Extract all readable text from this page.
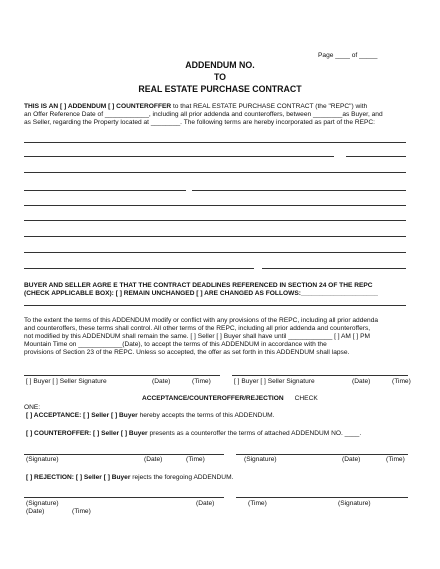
Page ____ of _____
ADDENDUM NO.
TO
REAL ESTATE PURCHASE CONTRACT
THIS IS AN [ ] ADDENDUM [ ] COUNTEROFFER to that REAL ESTATE PURCHASE CONTRACT (the "REPC") with
an Offer Reference Date of ____________, including all prior addenda and counteroffers, between ________as Buyer, and
as Seller, regarding the Property located at ________. The following terms are hereby incorporated as part of the REPC:
BUYER AND SELLER AGRE E THAT THE CONTRACT DEADLINES REFERENCED IN SECTION 24 OF THE REPC
(CHECK APPLICABLE BOX): [ ] REMAIN UNCHANGED [ ] ARE CHANGED AS FOLLOWS:_____________________
To the extent the terms of this ADDENDUM modify or conflict with any provisions of the REPC, including all prior addenda
and counteroffers, these terms shall control. All other terms of the REPC, including all prior addenda and counteroffers,
not modified by this ADDENDUM shall remain the same. [ ] Seller [ ] Buyer shall have until ____________ [ ] AM [ ] PM
Mountain Time on ____________(Date), to accept the terms of this ADDENDUM in accordance with the
provisions of Section 23 of the REPC. Unless so accepted, the offer as set forth in this ADDENDUM shall lapse.
[ ] Buyer [ ] Seller Signature	(Date)	(Time)	[ ] Buyer [ ] Seller Signature	(Date)	(Time)
ACCEPTANCE/COUNTEROFFER/REJECTION CHECK
ONE:
[ ] ACCEPTANCE: [ ] Seller [ ] Buyer hereby accepts the terms of this ADDENDUM.
[ ] COUNTEROFFER: [ ] Seller [ ] Buyer presents as a counteroffer the terms of attached ADDENDUM NO. ____.
(Signature)	(Date)	(Time)	(Signature)	(Date)	(Time)
[ ] REJECTION: [ ] Seller [ ] Buyer rejects the foregoing ADDENDUM.
(Signature)	(Date)	(Time)	(Signature)
(Date)	(Time)
